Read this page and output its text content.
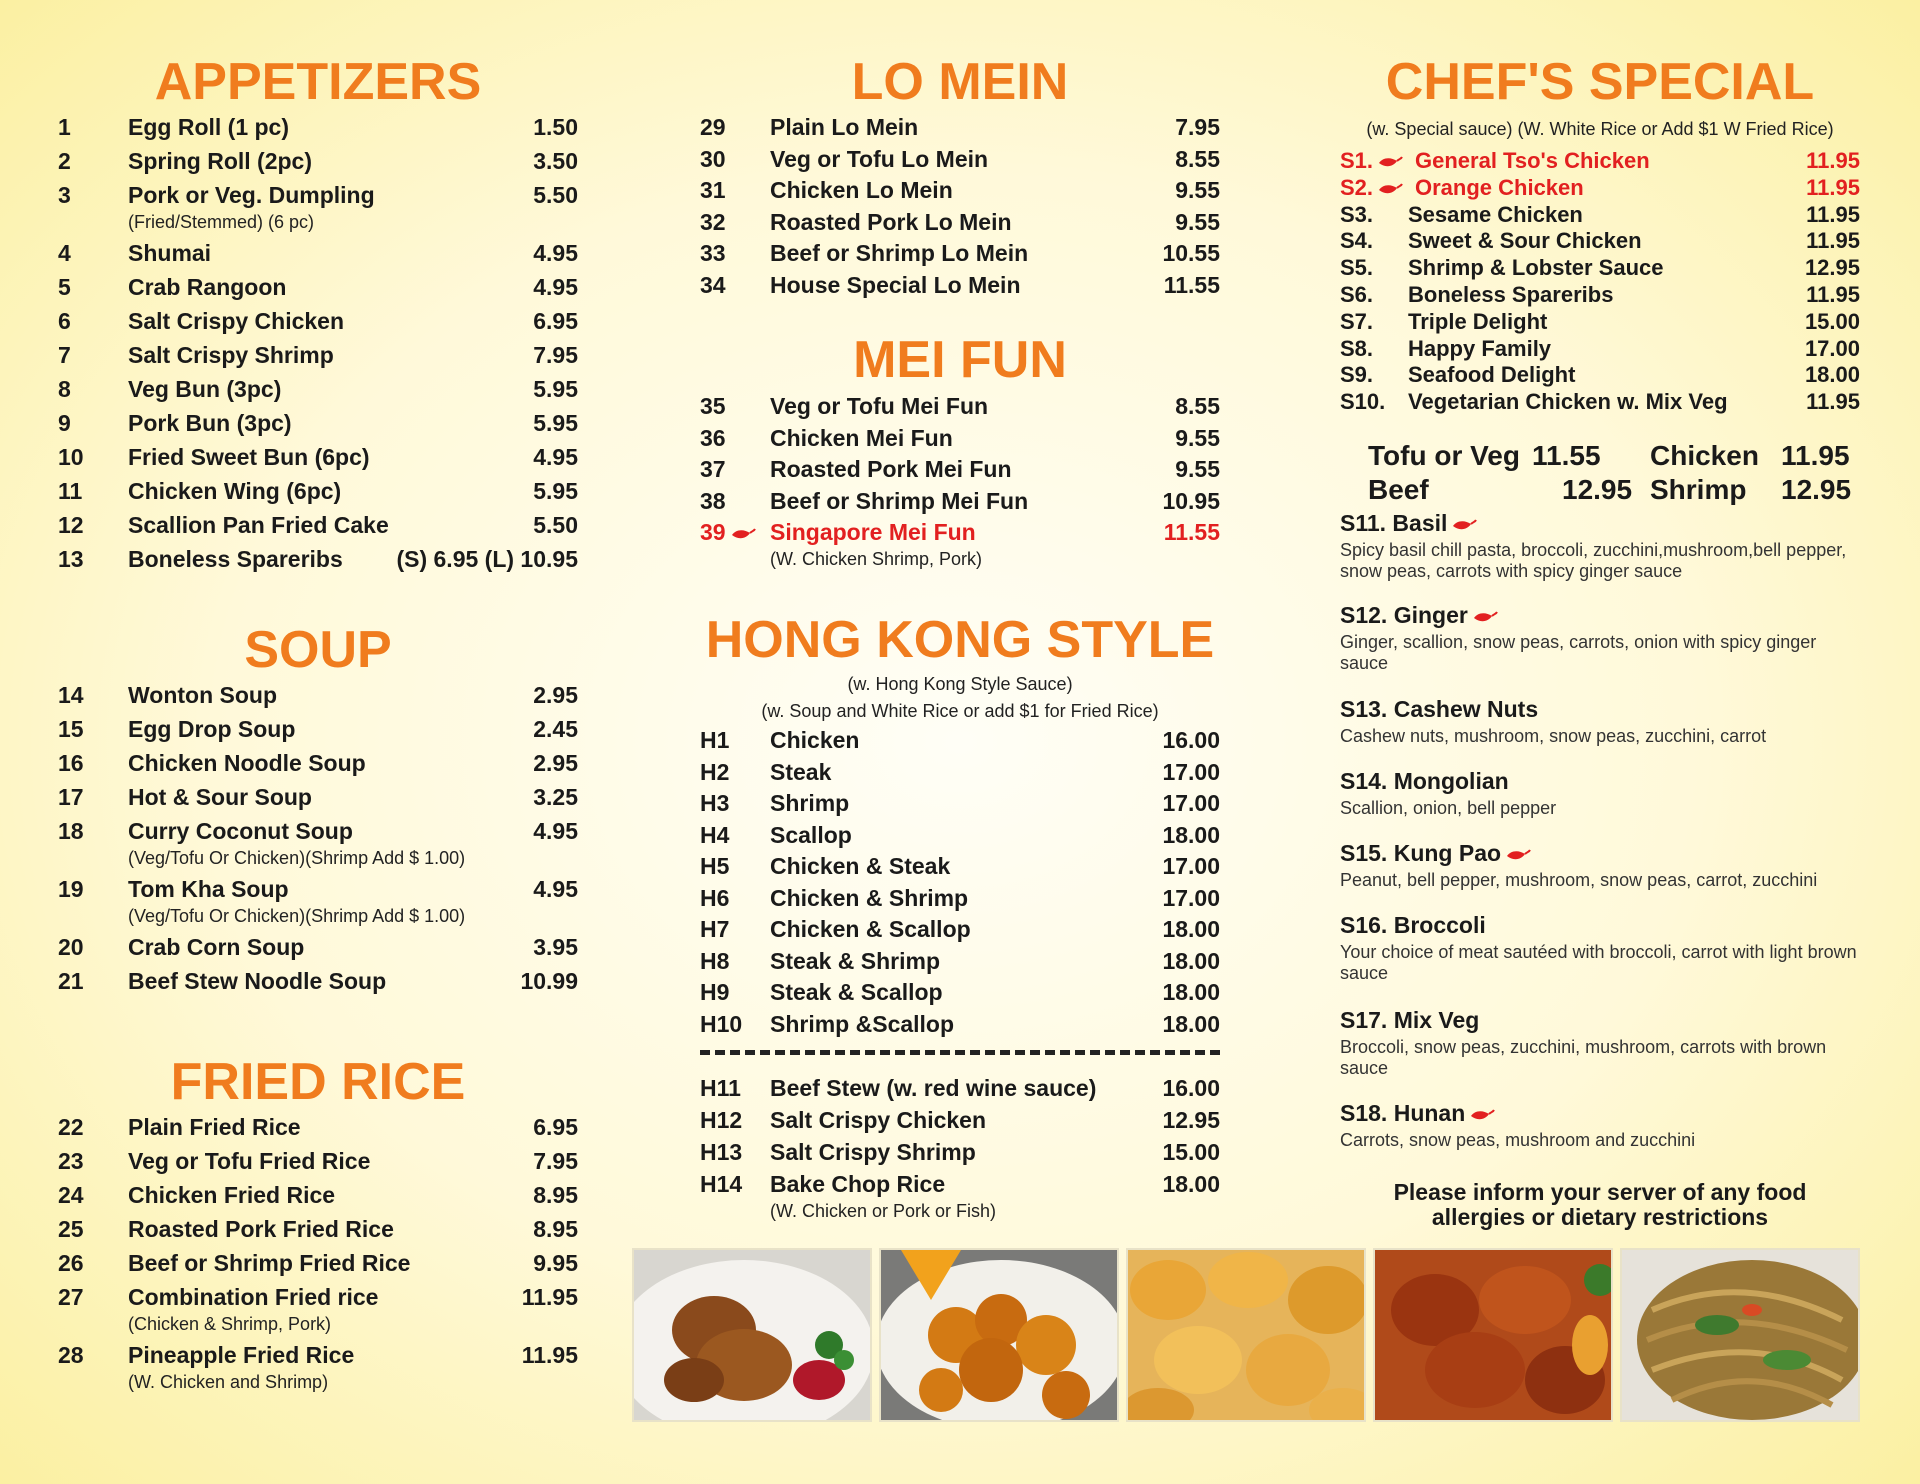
APPETIZERS
1 Egg Roll (1 pc)	1.50
2 Spring Roll (2pc)	3.50
3 Pork or Veg. Dumpling	5.50
(Fried/Stemmed) (6 pc)
4 Shumai	4.95
5 Crab Rangoon	4.95
6 Salt Crispy Chicken	6.95
7 Salt Crispy Shrimp	7.95
8 Veg Bun (3pc)	5.95
9 Pork Bun (3pc)	5.95
10 Fried Sweet Bun (6pc)	4.95
11 Chicken Wing (6pc)	5.95
12 Scallion Pan Fried Cake	5.50
13 Boneless Spareribs (S) 6.95 (L) 10.95
SOUP
14 Wonton Soup	2.95
15 Egg Drop Soup	2.45
16 Chicken Noodle Soup	2.95
17 Hot & Sour Soup	3.25
18 Curry Coconut Soup	4.95
(Veg/Tofu Or Chicken)(Shrimp Add $ 1.00)
19 Tom Kha Soup	4.95
(Veg/Tofu Or Chicken)(Shrimp Add $ 1.00)
20 Crab Corn Soup	3.95
21 Beef Stew Noodle Soup	10.99
FRIED RICE
22 Plain Fried Rice	6.95
23 Veg or Tofu Fried Rice	7.95
24 Chicken Fried Rice	8.95
25 Roasted Pork Fried Rice	8.95
26 Beef or Shrimp Fried Rice	9.95
27 Combination Fried rice	11.95
(Chicken & Shrimp, Pork)
28 Pineapple Fried Rice	11.95
(W. Chicken and Shrimp)
LO MEIN
29 Plain Lo Mein	7.95
30 Veg or Tofu Lo Mein	8.55
31 Chicken Lo Mein	9.55
32 Roasted Pork Lo Mein	9.55
33 Beef or Shrimp Lo Mein	10.55
34 House Special Lo Mein	11.55
MEI FUN
35 Veg or Tofu Mei Fun	8.55
36 Chicken Mei Fun	9.55
37 Roasted Pork Mei Fun	9.55
38 Beef or Shrimp Mei Fun	10.95
39	Singapore Mei Fun	11.55
(W. Chicken Shrimp, Pork)
HONG KONG STYLE
(w. Hong Kong Style Sauce)
(w. Soup and White Rice or add $1 for Fried Rice)
H1 Chicken	16.00
H2 Steak	17.00
H3 Shrimp	17.00
H4 Scallop	18.00
H5 Chicken & Steak	17.00
H6 Chicken & Shrimp	17.00
H7 Chicken & Scallop	18.00
H8 Steak & Shrimp	18.00
H9 Steak & Scallop	18.00
H10 Shrimp &Scallop	18.00
H11 Beef Stew (w. red wine sauce)	16.00
H12 Salt Crispy Chicken	12.95
H13 Salt Crispy Shrimp	15.00
H14 Bake Chop Rice	18.00
(W. Chicken or Pork or Fish)
CHEF'S SPECIAL
(w. Special sauce) (W. White Rice or Add $1 W Fried Rice)
S1.	General Tso's Chicken	11.95
S2.	Orange Chicken	11.95
S3. Sesame Chicken	11.95
S4. Sweet & Sour Chicken	11.95
S5. Shrimp & Lobster Sauce	12.95
S6. Boneless Spareribs	11.95
S7. Triple Delight	15.00
S8. Happy Family	17.00
S9. Seafood Delight	18.00
S10. Vegetarian Chicken w. Mix Veg	11.95
Tofu or Veg 11.55 Chicken 11.95
Beef	12.95 Shrimp 12.95
S11. Basil
Spicy basil chill pasta, broccoli, zucchini,mushroom,bell pepper, snow peas, carrots with spicy ginger sauce
S12. Ginger
Ginger, scallion, snow peas, carrots, onion with spicy ginger sauce
S13. Cashew Nuts
Cashew nuts, mushroom, snow peas, zucchini, carrot
S14. Mongolian
Scallion, onion, bell pepper
S15. Kung Pao
Peanut, bell pepper, mushroom, snow peas, carrot, zucchini
S16. Broccoli
Your choice of meat sautéed with broccoli, carrot with light brown sauce
S17. Mix Veg
Broccoli, snow peas, zucchini, mushroom, carrots with brown sauce
S18. Hunan
Carrots, snow peas, mushroom and zucchini
Please inform your server of any food
allergies or dietary restrictions
